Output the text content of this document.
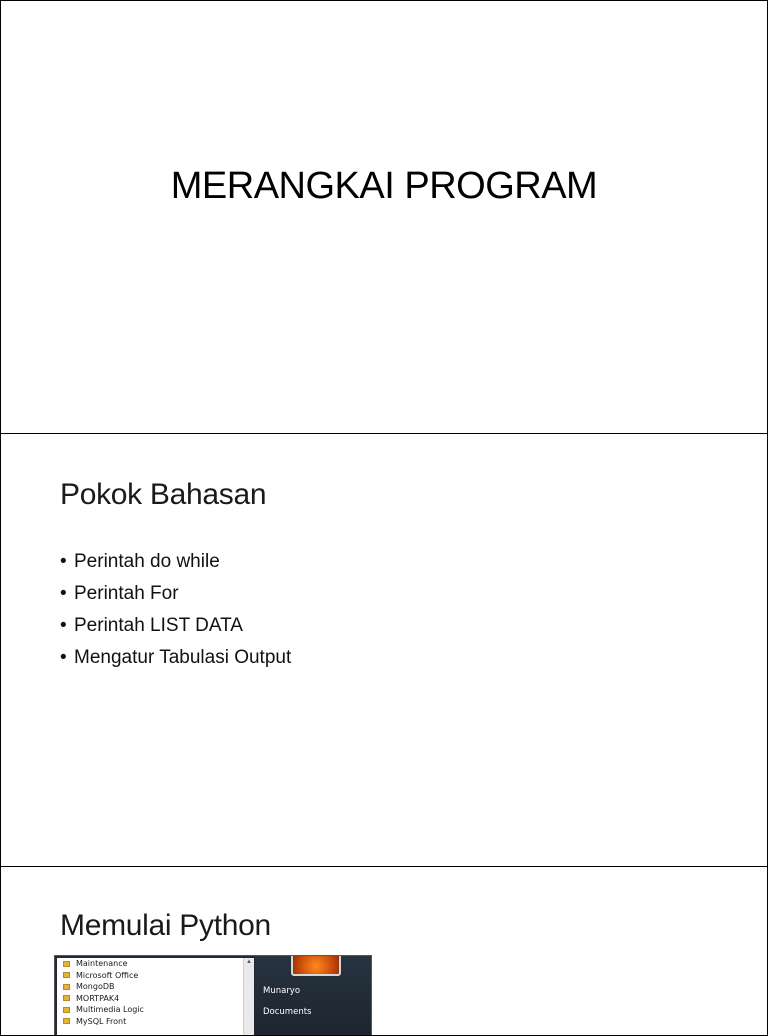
MERANGKAI PROGRAM
Pokok Bahasan
• Perintah do while
• Perintah For
• Perintah LIST DATA
• Mengatur Tabulasi Output
Memulai Python
Maintenance
Microsoft Office
MongoDB
MORTPAK4
Multimedia Logic
MySQL Front
▲
Munaryo
Documents
